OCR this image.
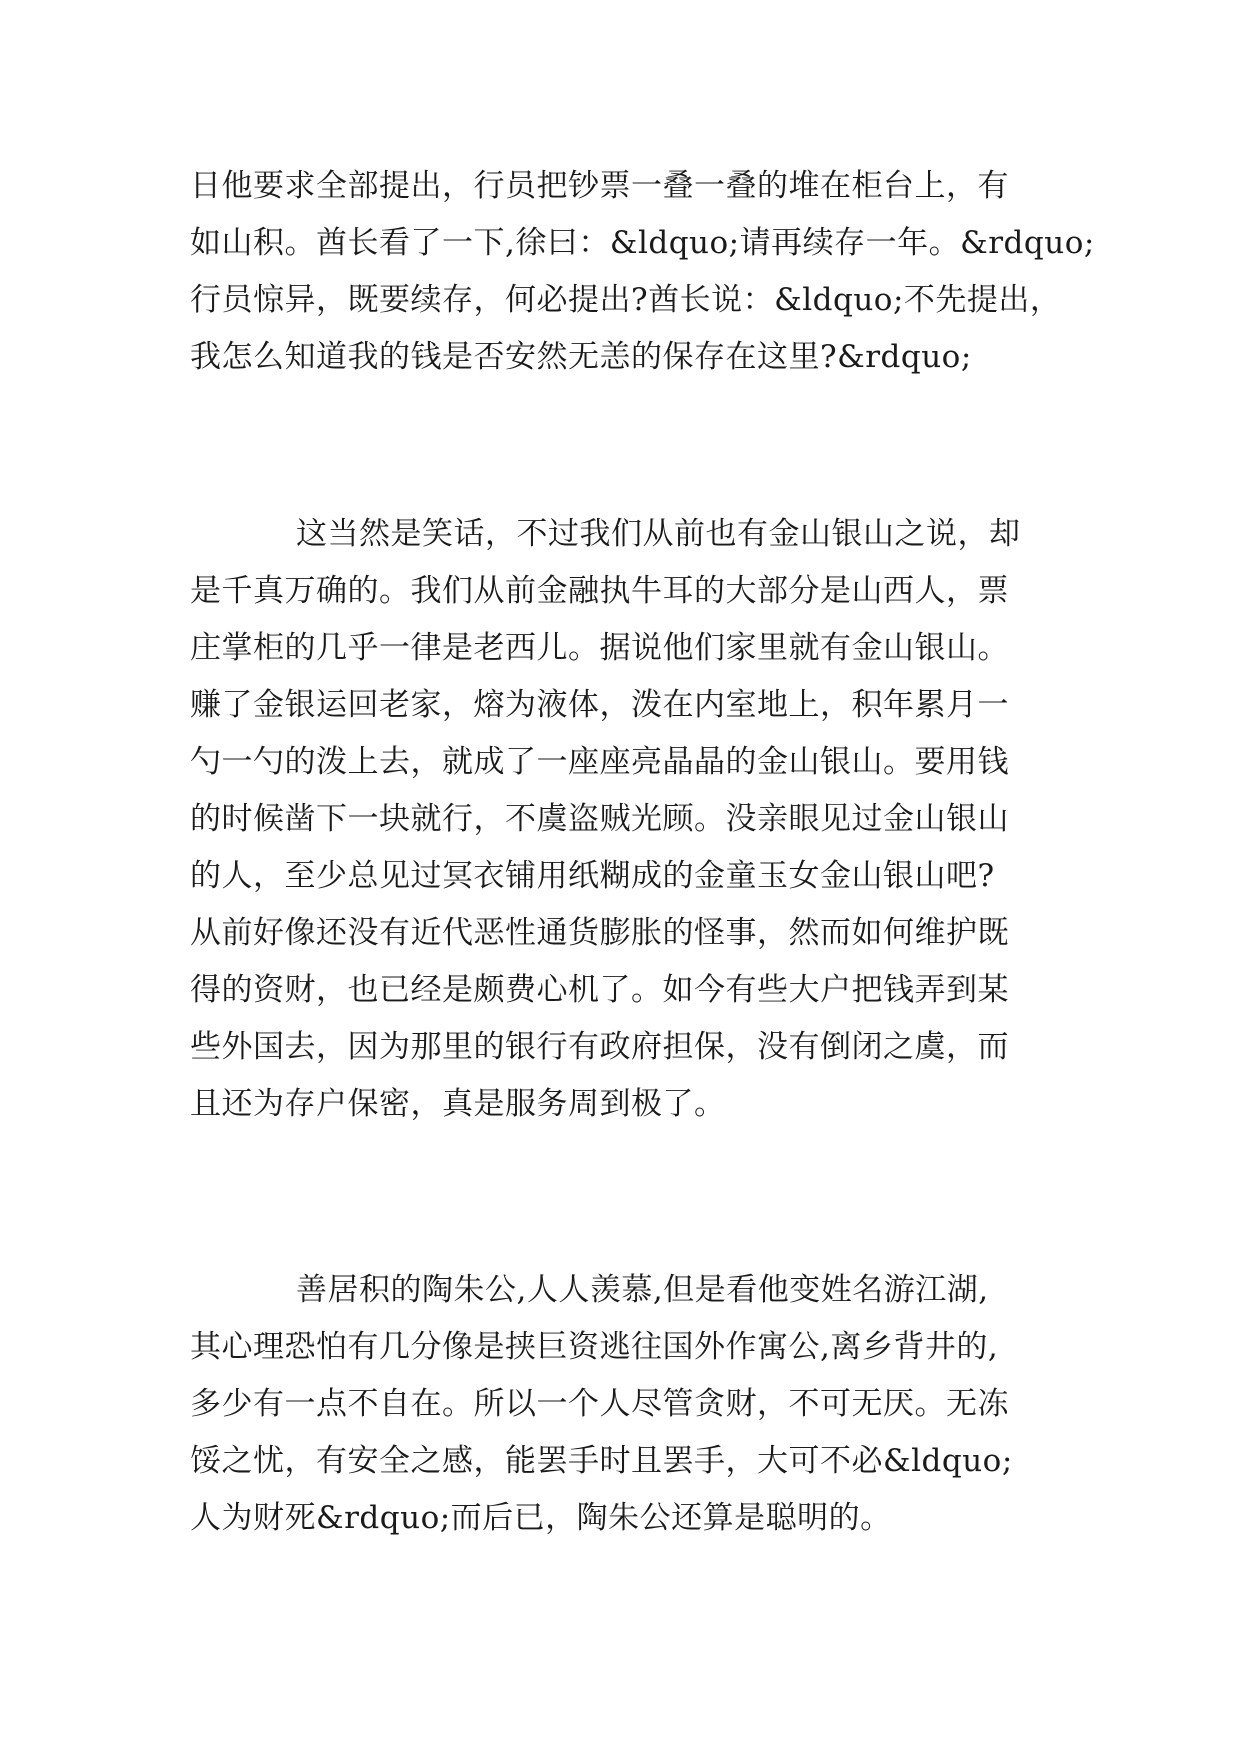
日他要求全部提出，行员把钞票一叠一叠的堆在柜台上，有
如山积。酋长看了一下,徐曰：&ldquo;请再续存一年。&rdquo;
行员惊异，既要续存，何必提出?酋长说：&ldquo;不先提出，
我怎么知道我的钱是否安然无恙的保存在这里?&rdquo;

这当然是笑话，不过我们从前也有金山银山之说，却
是千真万确的。我们从前金融执牛耳的大部分是山西人，票
庄掌柜的几乎一律是老西儿。据说他们家里就有金山银山。
赚了金银运回老家，熔为液体，泼在内室地上，积年累月一
勺一勺的泼上去，就成了一座座亮晶晶的金山银山。要用钱
的时候凿下一块就行，不虞盗贼光顾。没亲眼见过金山银山
的人，至少总见过冥衣铺用纸糊成的金童玉女金山银山吧?
从前好像还没有近代恶性通货膨胀的怪事，然而如何维护既
得的资财，也已经是颇费心机了。如今有些大户把钱弄到某
些外国去，因为那里的银行有政府担保，没有倒闭之虞，而
且还为存户保密，真是服务周到极了。

善居积的陶朱公,人人羡慕,但是看他变姓名游江湖,
其心理恐怕有几分像是挟巨资逃往国外作寓公,离乡背井的,
多少有一点不自在。所以一个人尽管贪财，不可无厌。无冻
馁之忧，有安全之感，能罢手时且罢手，大可不必&ldquo;
人为财死&rdquo;而后已，陶朱公还算是聪明的。
